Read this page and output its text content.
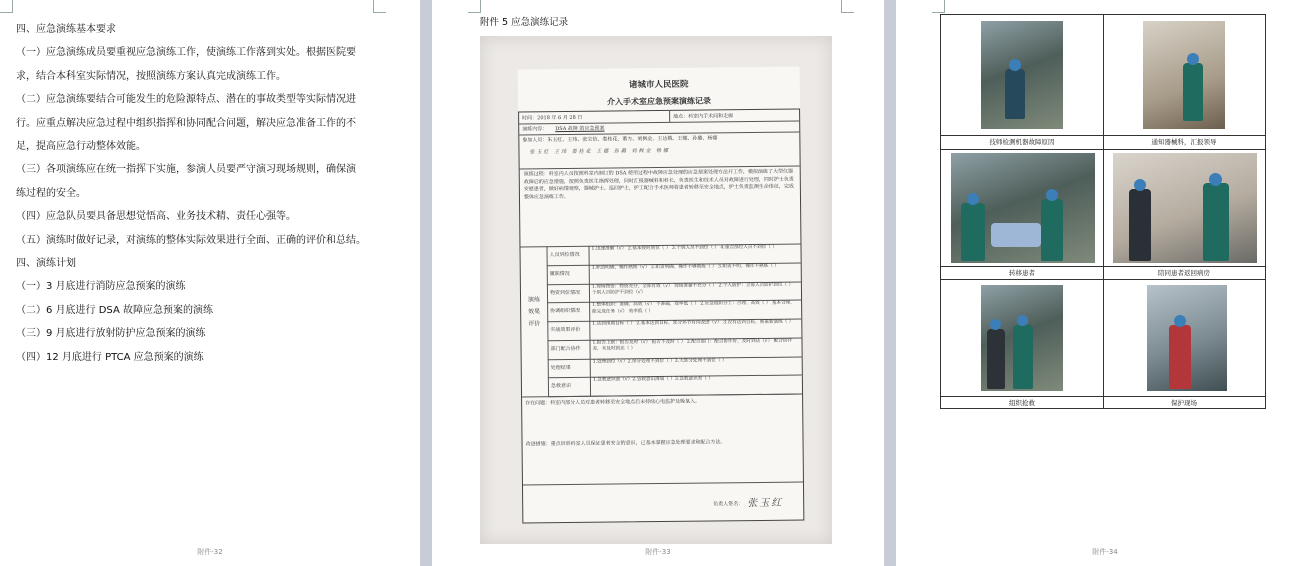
四、应急演练基本要求
（一）应急演练成员要重视应急演练工作，使演练工作落到实处。根据医院要
求，结合本科室实际情况，按照演练方案认真完成演练工作。
（二）应急演练要结合可能发生的危险源特点、潜在的事故类型等实际情况进
行。应重点解决应急过程中组织指挥和协同配合问题，解决应急准备工作的不
足，提高应急行动整体效能。
（三）各项演练应在统一指挥下实施，参演人员要严守演习现场规则，确保演
练过程的安全。
（四）应急队员要具备思想觉悟高、业务技术精、责任心强等。
（五）演练时做好记录，对演练的整体实际效果进行全面、正确的评价和总结。
四、演练计划
（一）3 月底进行消防应急预案的演练
（二）6 月底进行 DSA 故障应急预案的演练
（三）9 月底进行放射防护应急预案的演练
（四）12 月底进行 PTCA 应急预案的演练
附件-32
附件 5 应急演练记录
诸城市人民医院
介入手术室应急预案演练记录
时间：2018 年 6 月 28 日	地点：科室内手术间和走廊
演练内容： DSA 故障 的应急预案
参加人员：朱玉红、王玮、张宝信、娄桂花、董方、刘枫金、王达娥、王娜、孙璐、杨娜
张玉红 王玮 娄桂花 王娜 孙璐 刘枫金 杨娜
演练过程：科室内人员按照科室内制订的 DSA 使用过程中故障应急处理的应急预案处理方法开工作，模拟演练了大型仪器故障后的应急措施，按照负责医生指挥处理，同时汇报器械科和科长，负责医生和技术人员对故障进行处理，同时护士负责安慰患者，做好病情观察，器械护士、巡回护士，护工配合手术医师将患者转移至安全地点，护士负责监测生命体征，完成整体应急演练工作。
演练效果评价
人员到位情况
1.迅速准确（√） 2.基本按时到位（ ） 3.个别人员不到位（ ） 4.重点部位人员不到位（ ）
履职情况
1.职责明确，操作熟练（√） 2.职责明确，操作不够熟练（ ） 3.职责不明，操作不熟练（ ）
物资到位情况
1.现场物资：物资充分，全部有效（√） 现场准备不充分（ ） 2.个人防护：全部人员防护到位（ ） 个别人员防护不到位（√）
协调组织情况
1.整体组织：准确、高效（√） 不准确，效率低（ ） 2.应急组织分工：合理、高效（ ） 基本合理，能完成任务（√） 效率低（ ）
实战效果评价
1.达到预期目标（ ） 2.基本达到目标，部分环节有待改进（√） 3.没有达到目标，需重新演练（ ）
部门配合协作
1.报告上级：报告及时（√） 报告不及时（ ） 2.配合部门：配合协作好，及时到达（√） 配合协作差，未及时到达（ ）
处理结果
1.处理到位（√）2.部分处理不到位（ ）3.大部分处理不到位（ ）
急救意识
1.急救意识强（√）2.急救意识薄弱（ ）3.急救意识差（ ）
存在问题：科室内部分人员对患者转移至安全地点后未持续心电监护及吸氧入。
改进措施：重点培训科室人员保证患者安全的意识，已基本掌握应急处理要求和配合方法。
负责人签名： 张玉红
附件-33
技师检测机器故障原因	通知器械科，汇报领导
转移患者	陪同患者返回病房
组织抢救	保护现场
附件-34
